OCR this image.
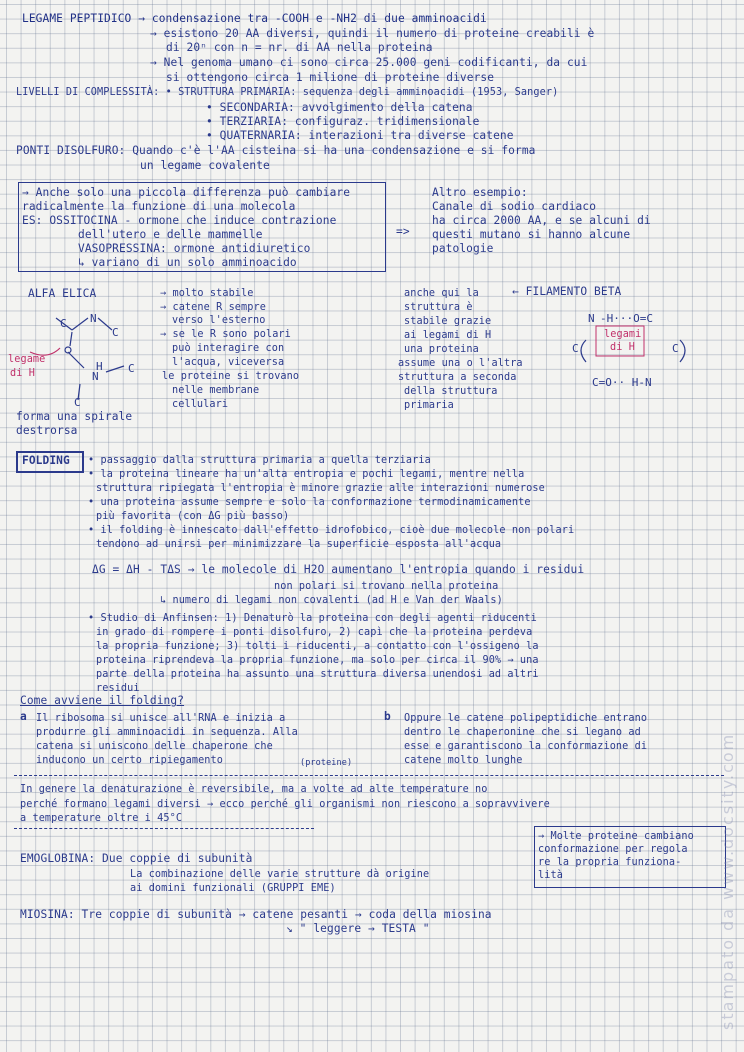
LEGAME PEPTIDICO → condensazione tra -COOH e -NH2 di due amminoacidi
→ esistono 20 AA diversi, quindi il numero di proteine creabili è
di 20ⁿ con n = nr. di AA nella proteina
→ Nel genoma umano ci sono circa 25.000 geni codificanti, da cui
si ottengono circa 1 milione di proteine diverse
LIVELLI DI COMPLESSITÀ: • STRUTTURA PRIMARIA: sequenza degli amminoacidi (1953, Sanger)
• SECONDARIA: avvolgimento della catena
• TERZIARIA: configuraz. tridimensionale
• QUATERNARIA: interazioni tra diverse catene
PONTI DISOLFURO: Quando c'è l'AA cisteina si ha una condensazione e si forma
un legame covalente
→ Anche solo una piccola differenza può cambiare
radicalmente la funzione di una molecola
ES: OSSITOCINA - ormone che induce contrazione
dell'utero e delle mammelle
VASOPRESSINA: ormone antidiuretico
↳ variano di un solo amminoacido
=>
Altro esempio:
Canale di sodio cardiaco
ha circa 2000 AA, e se alcuni di
questi mutano si hanno alcune
patologie
ALFA ELICA	→ molto stabile
→ catene R sempre
verso l'esterno
→ se le R sono polari
può interagire con
l'acqua, viceversa
le proteine si trovano
nelle membrane
cellulari
legame
di H
forma una spirale
destrorsa
C N
C
H
N
C
C
N -H···O=C
C	C
C=O·· H-N
legami
di H
← FILAMENTO BETA
anche qui la
struttura è
stabile grazie
ai legami di H
una proteina
assume una o l'altra
struttura a seconda
della struttura
primaria
FOLDING • passaggio dalla struttura primaria a quella terziaria
• la proteina lineare ha un'alta entropia e pochi legami, mentre nella
struttura ripiegata l'entropia è minore grazie alle interazioni numerose
• una proteina assume sempre e solo la conformazione termodinamicamente
più favorita (con ΔG più basso)
• il folding è innescato dall'effetto idrofobico, cioè due molecole non polari
tendono ad unirsi per minimizzare la superficie esposta all'acqua
ΔG = ΔH - TΔS → le molecole di H2O aumentano l'entropia quando i residui
non polari si trovano nella proteina
↳ numero di legami non covalenti (ad H e Van der Waals)
• Studio di Anfinsen: 1) Denaturò la proteina con degli agenti riducenti
in grado di rompere i ponti disolfuro, 2) capì che la proteina perdeva
la propria funzione; 3) tolti i riducenti, a contatto con l'ossigeno la
proteina riprendeva la propria funzione, ma solo per circa il 90% → una
parte della proteina ha assunto una struttura diversa unendosi ad altri
residui
Come avviene il folding?
a Il ribosoma si unisce all'RNA e inizia a
produrre gli amminoacidi in sequenza. Alla
catena si uniscono delle chaperone che
inducono un certo ripiegamento	(proteine)
b Oppure le catene polipeptidiche entrano
dentro le chaperonine che si legano ad
esse e garantiscono la conformazione di
catene molto lunghe
In genere la denaturazione è reversibile, ma a volte ad alte temperature no
perché formano legami diversi → ecco perché gli organismi non riescono a sopravvivere
a temperature oltre i 45°C
→ Molte proteine cambiano
conformazione per regola
re la propria funziona-
lità
EMOGLOBINA: Due coppie di subunità
La combinazione delle varie strutture dà origine
ai domini funzionali (GRUPPI EME)
MIOSINA: Tre coppie di subunità → catene pesanti → coda della miosina
↘ " leggere → TESTA "	stampato da www.docsity.com
